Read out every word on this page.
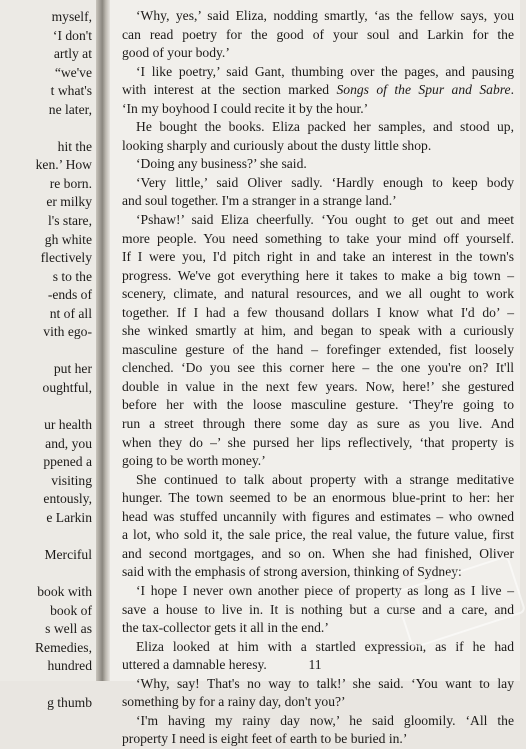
myself,
‘I don't
artly at
“we've
t what's
ne later,
hit the
ken.’ How
re born.
er milky
l's stare,
gh white
flectively
s to the
-ends of
nt of all
vith ego-
put her
oughtful,
ur health
and, you
ppened a
visiting
entously,
e Larkin
Merciful
book with
book of
s well as
Remedies,
hundred
g thumb
‘Why, yes,’ said Eliza, nodding smartly, ‘as the fellow says, you
can read poetry for the good of your soul and Larkin for the
good of your body.’
‘I like poetry,’ said Gant, thumbing over the pages, and pausing
with interest at the section marked Songs of the Spur and Sabre.
‘In my boyhood I could recite it by the hour.’
He bought the books. Eliza packed her samples, and stood up,
looking sharply and curiously about the dusty little shop.
‘Doing any business?’ she said.
‘Very little,’ said Oliver sadly. ‘Hardly enough to keep body
and soul together. I'm a stranger in a strange land.’
‘Pshaw!’ said Eliza cheerfully. ‘You ought to get out and meet
more people. You need something to take your mind off yourself.
If I were you, I'd pitch right in and take an interest in the town's
progress. We've got everything here it takes to make a big town –
scenery, climate, and natural resources, and we all ought to work
together. If I had a few thousand dollars I know what I'd do’ –
she winked smartly at him, and began to speak with a curiously
masculine gesture of the hand – forefinger extended, fist loosely
clenched. ‘Do you see this corner here – the one you're on? It'll
double in value in the next few years. Now, here!’ she gestured
before her with the loose masculine gesture. ‘They're going to
run a street through there some day as sure as you live. And
when they do –’ she pursed her lips reflectively, ‘that property is
going to be worth money.’
She continued to talk about property with a strange meditative
hunger. The town seemed to be an enormous blue-print to her: her
head was stuffed uncannily with figures and estimates – who owned
a lot, who sold it, the sale price, the real value, the future value, first
and second mortgages, and so on. When she had finished, Oliver
said with the emphasis of strong aversion, thinking of Sydney:
‘I hope I never own another piece of property as long as I live –
save a house to live in. It is nothing but a curse and a care, and
the tax-collector gets it all in the end.’
Eliza looked at him with a startled expression, as if he had
uttered a damnable heresy.
‘Why, say! That's no way to talk!’ she said. ‘You want to lay
something by for a rainy day, don't you?’
‘I'm having my rainy day now,’ he said gloomily. ‘All the
property I need is eight feet of earth to be buried in.’
11
